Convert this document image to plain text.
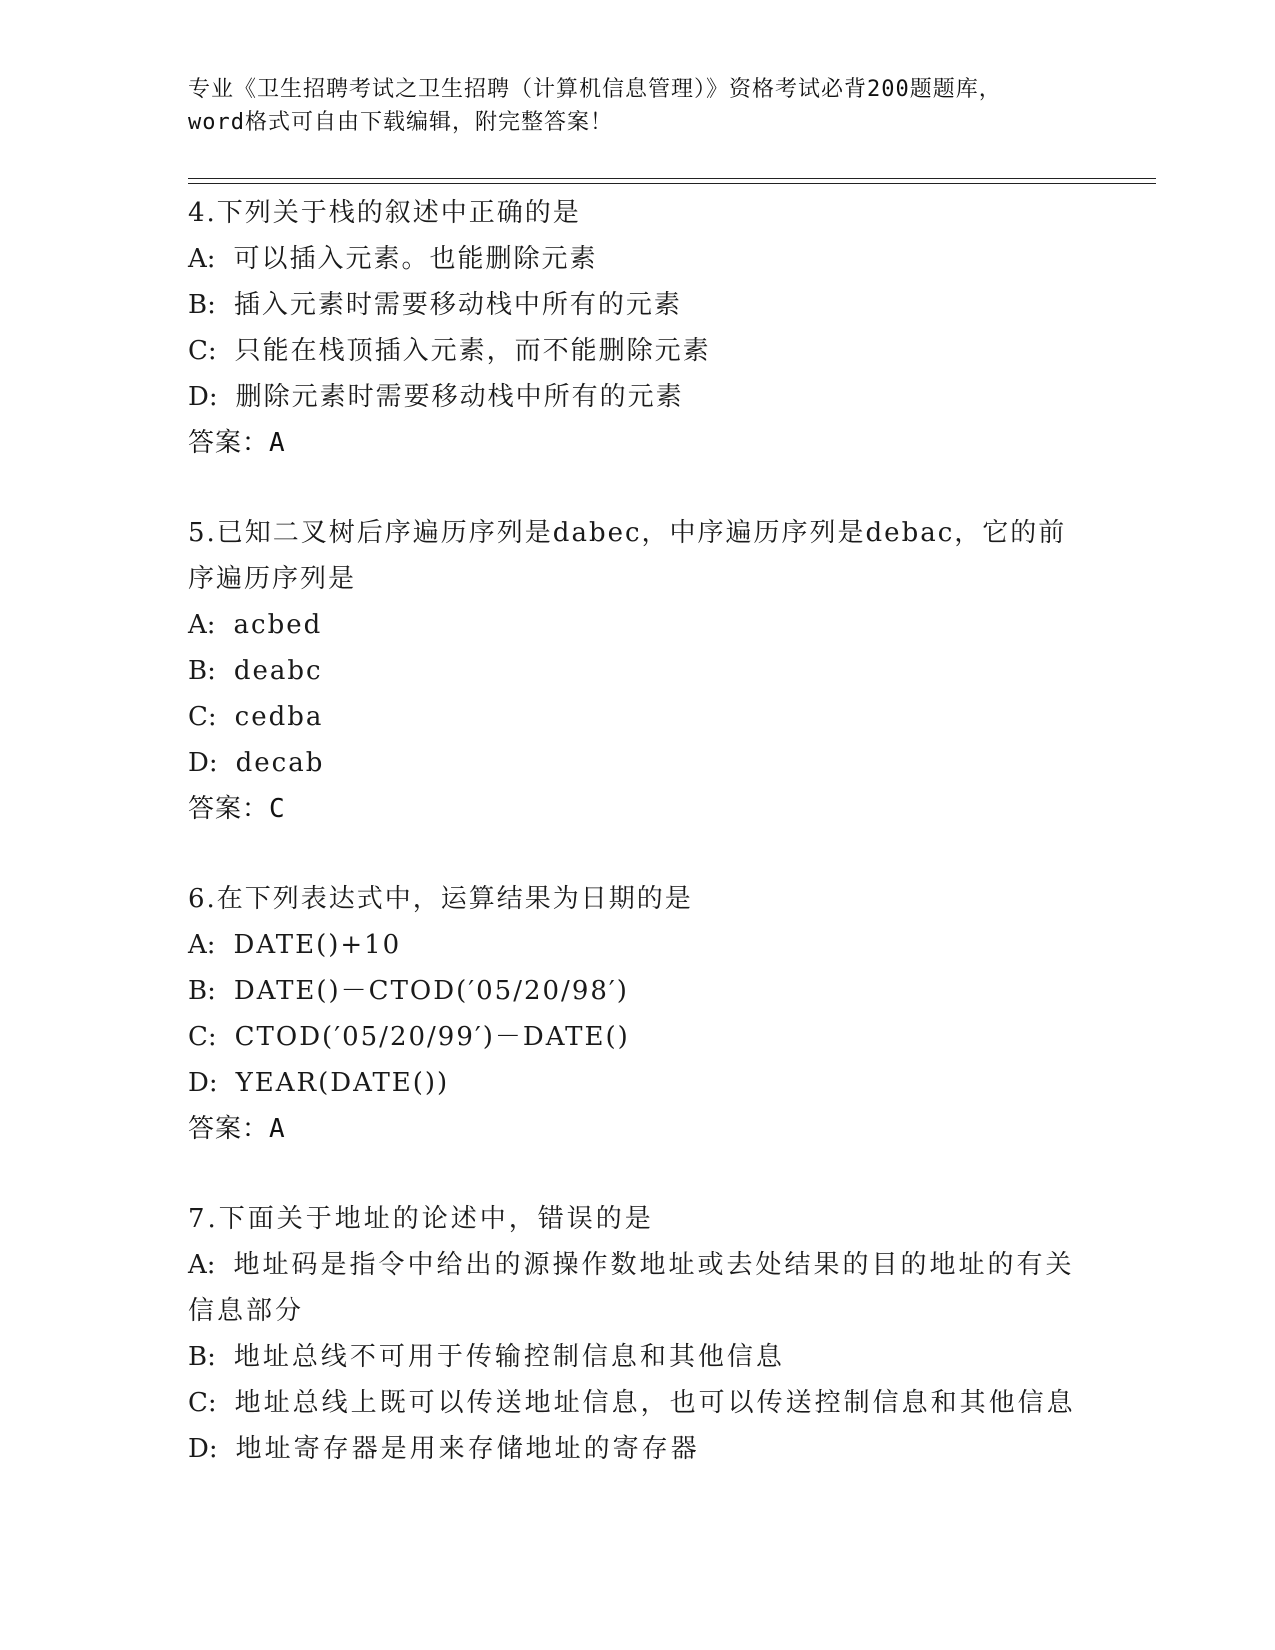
专业《卫生招聘考试之卫生招聘（计算机信息管理）》资格考试必背200题题库，
word格式可自由下载编辑，附完整答案！
4.下列关于栈的叙述中正确的是
A: 可以插入元素。也能删除元素
B: 插入元素时需要移动栈中所有的元素
C: 只能在栈顶插入元素，而不能删除元素
D: 删除元素时需要移动栈中所有的元素
答案：A
5.已知二叉树后序遍历序列是dabec，中序遍历序列是debac，它的前
序遍历序列是
A: acbed
B: deabc
C: cedba
D: decab
答案：C
6.在下列表达式中，运算结果为日期的是
A: DATE()+10
B: DATE()－CTOD(′05/20/98′)
C: CTOD(′05/20/99′)－DATE()
D: YEAR(DATE())
答案：A
7.下面关于地址的论述中，错误的是
A: 地址码是指令中给出的源操作数地址或去处结果的目的地址的有关
信息部分
B: 地址总线不可用于传输控制信息和其他信息
C: 地址总线上既可以传送地址信息，也可以传送控制信息和其他信息
D: 地址寄存器是用来存储地址的寄存器
